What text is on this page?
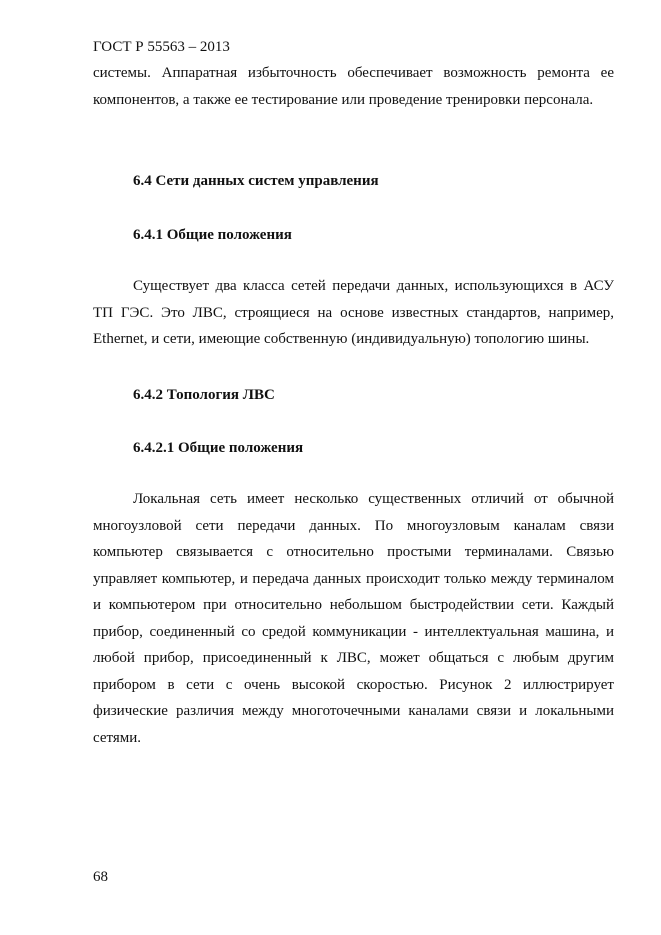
ГОСТ Р 55563 – 2013

системы. Аппаратная избыточность обеспечивает возможность ремонта ее компонентов, а также ее тестирование или проведение тренировки персонала.

6.4 Сети данных систем управления
6.4.1 Общие положения

Существует два класса сетей передачи данных, использующихся в АСУ ТП ГЭС. Это ЛВС, строящиеся на основе известных стандартов, например, Ethernet, и сети, имеющие собственную (индивидуальную) топологию шины.

6.4.2 Топология ЛВС
6.4.2.1 Общие положения

Локальная сеть имеет несколько существенных отличий от обычной многоузловой сети передачи данных. По многоузловым каналам связи компьютер связывается с относительно простыми терминалами. Связью управляет компьютер, и передача данных происходит только между терминалом и компьютером при относительно небольшом быстродействии сети. Каждый прибор, соединенный со средой коммуникации - интеллектуальная машина, и любой прибор, присоединенный к ЛВС, может общаться с любым другим прибором в сети с очень высокой скоростью. Рисунок 2 иллюстрирует физические различия между многоточечными каналами связи и локальными сетями.

68
